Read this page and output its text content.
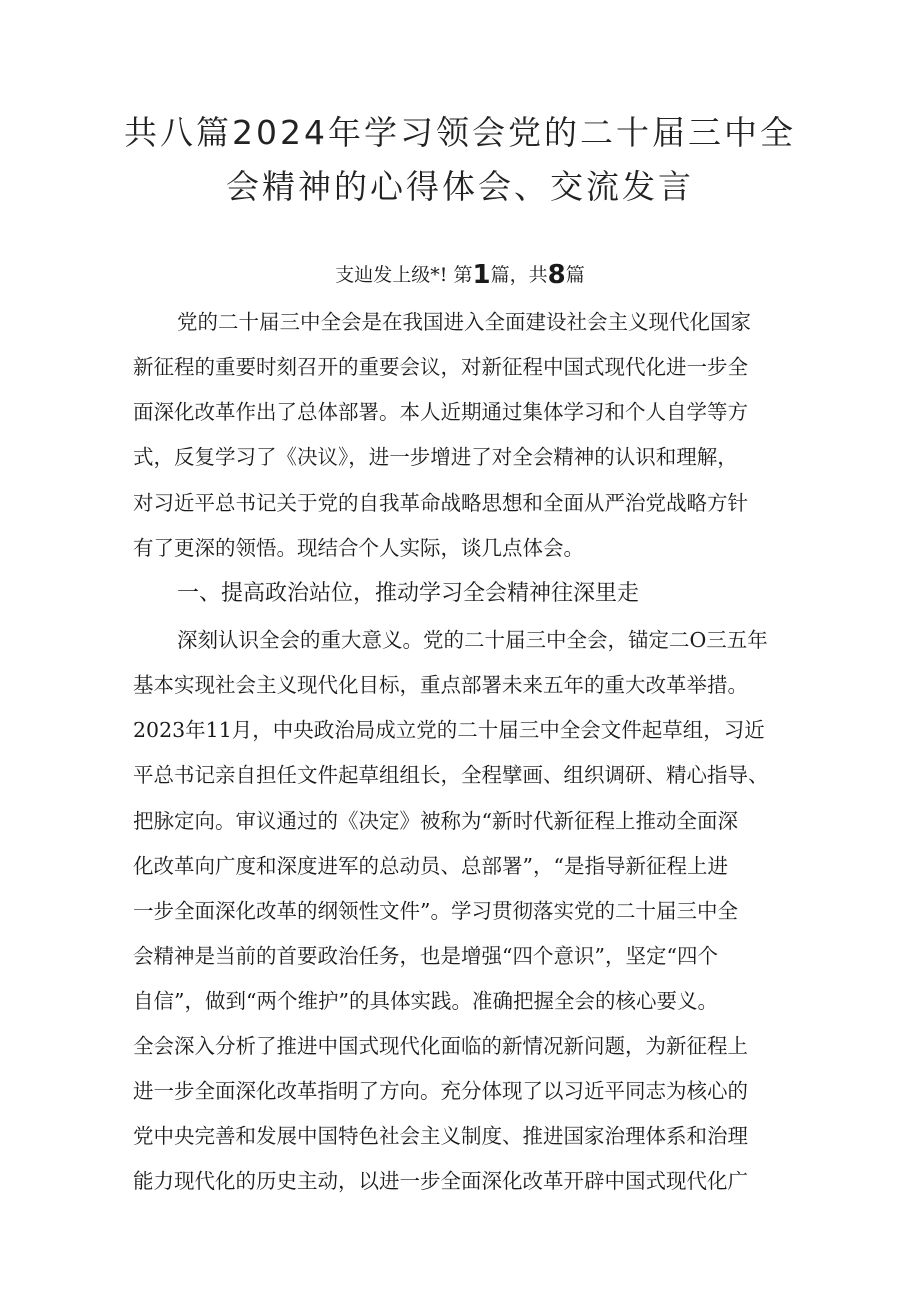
共八篇2024年学习领会党的二十届三中全
会精神的心得体会、交流发言
支辿发上级*! 第1篇，共8篇
党的二十届三中全会是在我国进入全面建设社会主义现代化国家
新征程的重要时刻召开的重要会议，对新征程中国式现代化进一步全
面深化改革作出了总体部署。本人近期通过集体学习和个人自学等方
式，反复学习了《决议》，进一步增进了对全会精神的认识和理解，
对习近平总书记关于党的自我革命战略思想和全面从严治党战略方针
有了更深的领悟。现结合个人实际，谈几点体会。
一、提高政治站位，推动学习全会精神往深里走
深刻认识全会的重大意义。党的二十届三中全会，锚定二O三五年
基本实现社会主义现代化目标，重点部署未来五年的重大改革举措。
2023年11月，中央政治局成立党的二十届三中全会文件起草组，习近
平总书记亲自担任文件起草组组长，全程擘画、组织调研、精心指导、
把脉定向。审议通过的《决定》被称为“新时代新征程上推动全面深
化改革向广度和深度进军的总动员、总部署”，“是指导新征程上进
一步全面深化改革的纲领性文件”。学习贯彻落实党的二十届三中全
会精神是当前的首要政治任务，也是增强“四个意识”，坚定“四个
自信”，做到“两个维护”的具体实践。准确把握全会的核心要义。
全会深入分析了推进中国式现代化面临的新情况新问题，为新征程上
进一步全面深化改革指明了方向。充分体现了以习近平同志为核心的
党中央完善和发展中国特色社会主义制度、推进国家治理体系和治理
能力现代化的历史主动，以进一步全面深化改革开辟中国式现代化广
